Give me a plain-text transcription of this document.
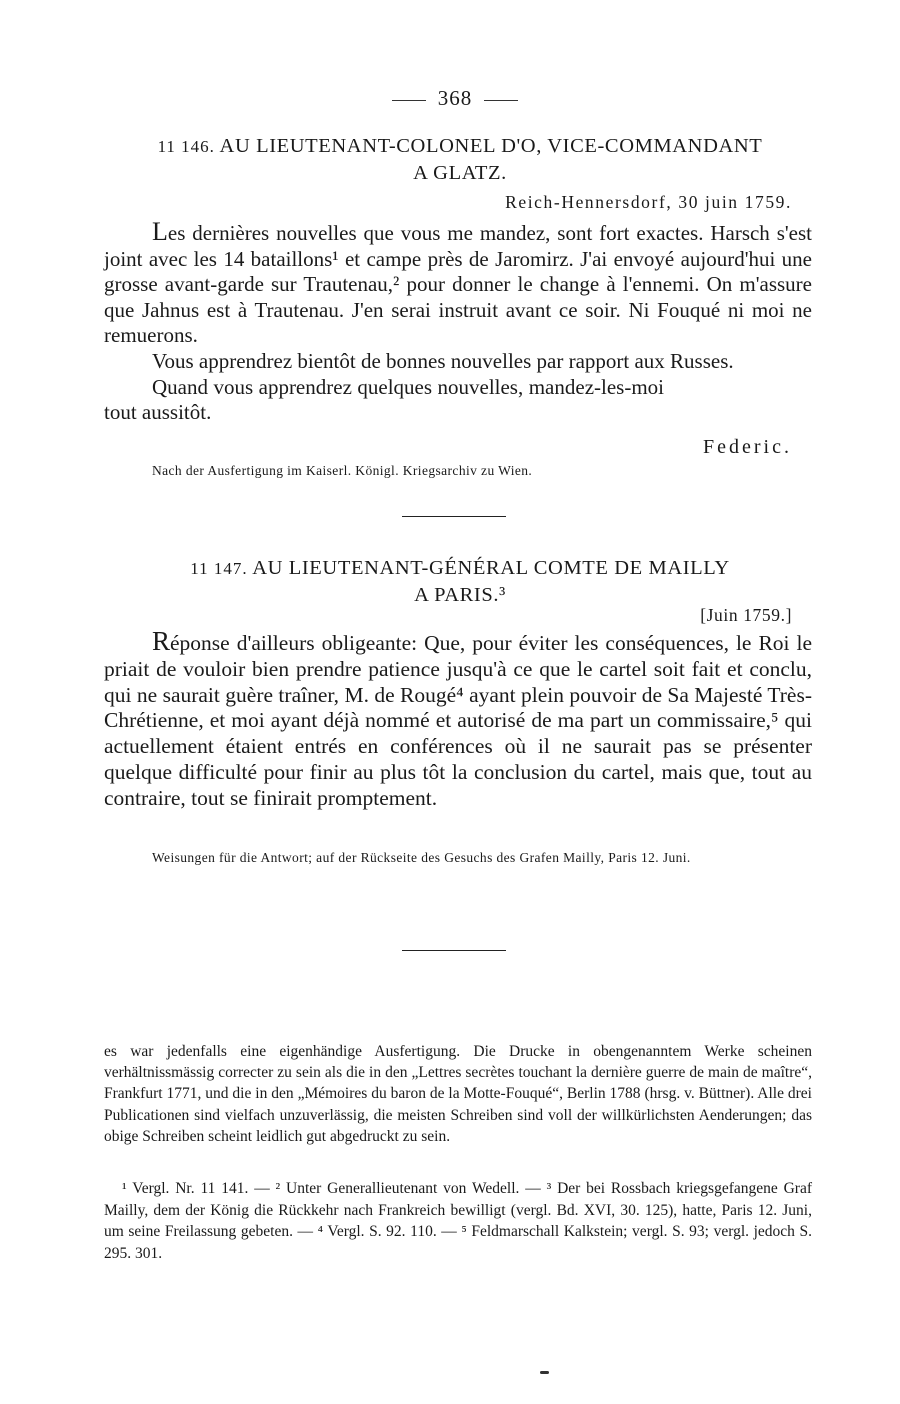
368
11 146. AU LIEUTENANT-COLONEL D'O, VICE-COMMANDANT
A GLATZ.
Reich-Hennersdorf, 30 juin 1759.

Les dernières nouvelles que vous me mandez, sont fort exactes. Harsch s'est joint avec les 14 bataillons¹ et campe près de Jaromirz. J'ai envoyé aujourd'hui une grosse avant-garde sur Trautenau,² pour donner le change à l'ennemi. On m'assure que Jahnus est à Trautenau. J'en serai instruit avant ce soir. Ni Fouqué ni moi ne remuerons.

Vous apprendrez bientôt de bonnes nouvelles par rapport aux Russes.

Quand vous apprendrez quelques nouvelles, mandez-les-moi tout aussitôt.

Federic.
Nach der Ausfertigung im Kaiserl. Königl. Kriegsarchiv zu Wien.
11 147. AU LIEUTENANT-GÉNÉRAL COMTE DE MAILLY
A PARIS.³
[Juin 1759.]

Réponse d'ailleurs obligeante: Que, pour éviter les conséquences, le Roi le priait de vouloir bien prendre patience jusqu'à ce que le cartel soit fait et conclu, qui ne saurait guère traîner, M. de Rougé⁴ ayant plein pouvoir de Sa Majesté Très-Chrétienne, et moi ayant déjà nommé et autorisé de ma part un commissaire,⁵ qui actuellement étaient entrés en conférences où il ne saurait pas se présenter quelque difficulté pour finir au plus tôt la conclusion du cartel, mais que, tout au contraire, tout se finirait promptement.

Weisungen für die Antwort; auf der Rückseite des Gesuchs des Grafen Mailly, Paris 12. Juni.

es war jedenfalls eine eigenhändige Ausfertigung. Die Drucke in obengenanntem Werke scheinen verhältnissmässig correcter zu sein als die in den „Lettres secrètes touchant la dernière guerre de main de maître“, Frankfurt 1771, und die in den „Mémoires du baron de la Motte-Fouqué“, Berlin 1788 (hrsg. v. Büttner). Alle drei Publicationen sind vielfach unzuverlässig, die meisten Schreiben sind voll der willkürlichsten Aenderungen; das obige Schreiben scheint leidlich gut abgedruckt zu sein.

¹ Vergl. Nr. 11 141. — ² Unter Generallieutenant von Wedell. — ³ Der bei Rossbach kriegsgefangene Graf Mailly, dem der König die Rückkehr nach Frankreich bewilligt (vergl. Bd. XVI, 30. 125), hatte, Paris 12. Juni, um seine Freilassung gebeten. — ⁴ Vergl. S. 92. 110. — ⁵ Feldmarschall Kalkstein; vergl. S. 93; vergl. jedoch S. 295. 301.
